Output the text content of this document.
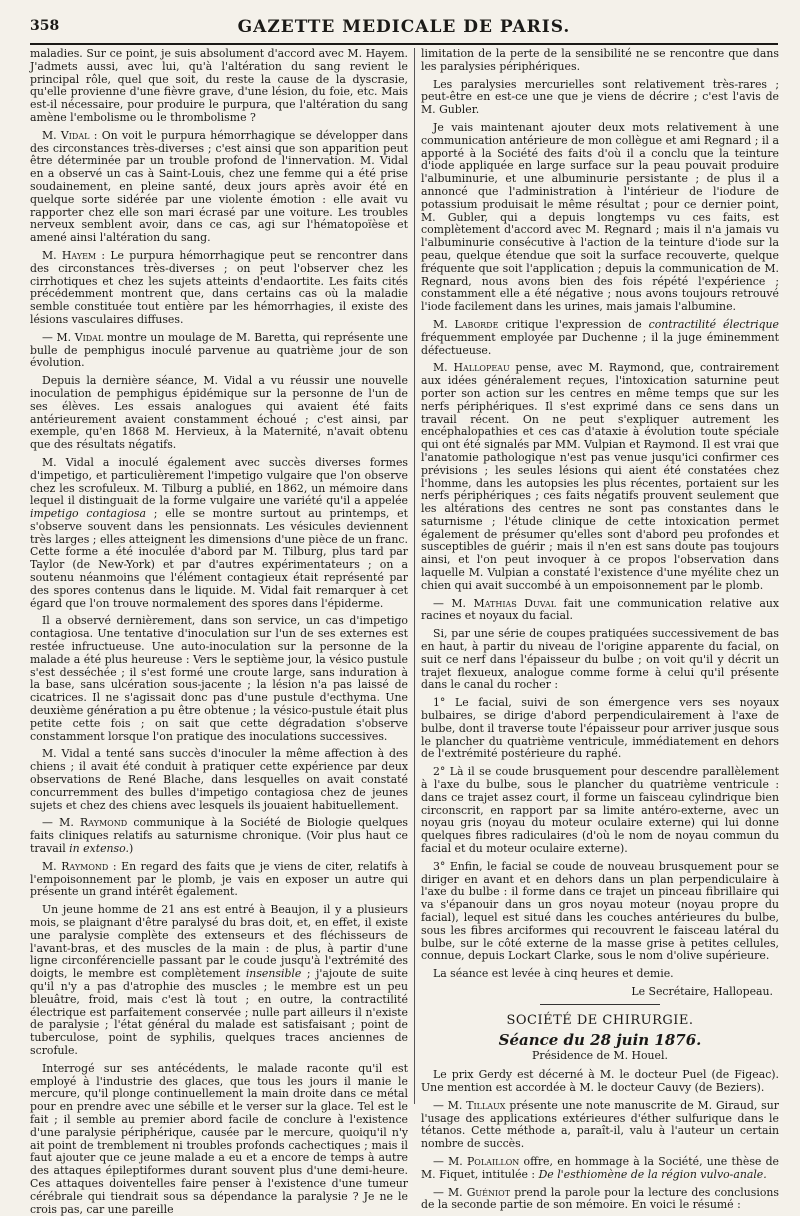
358	GAZETTE MEDICALE DE PARIS.

maladies. Sur ce point, je suis absolument d'accord avec M. Hayem. J'admets aussi, avec lui, qu'à l'altération du sang revient le principal rôle, quel que soit, du reste la cause de la dyscrasie, qu'elle provienne d'une fièvre grave, d'une lésion, du foie, etc. Mais est-il nécessaire, pour produire le purpura, que l'altération du sang amène l'embolisme ou le thrombolisme ?

M. Vidal : On voit le purpura hémorrhagique se développer dans des circonstances très-diverses ; c'est ainsi que son apparition peut être déterminée par un trouble profond de l'innervation. M. Vidal en a observé un cas à Saint-Louis, chez une femme qui a été prise soudainement, en pleine santé, deux jours après avoir été en quelque sorte sidérée par une violente émotion : elle avait vu rapporter chez elle son mari écrasé par une voiture. Les troubles nerveux semblent avoir, dans ce cas, agi sur l'hématopoïèse et amené ainsi l'altération du sang.

M. Hayem : Le purpura hémorrhagique peut se rencontrer dans des circonstances très-diverses ; on peut l'observer chez les cirrhotiques et chez les sujets atteints d'endaortite. Les faits cités précédemment montrent que, dans certains cas où la maladie semble constituée tout entière par les hémorrhagies, il existe des lésions vasculaires diffuses.

— M. Vidal montre un moulage de M. Baretta, qui représente une bulle de pemphigus inoculé parvenue au quatrième jour de son évolution.

Depuis la dernière séance, M. Vidal a vu réussir une nouvelle inoculation de pemphigus épidémique sur la personne de l'un de ses élèves. Les essais analogues qui avaient été faits antérieurement avaient constamment échoué ; c'est ainsi, par exemple, qu'en 1868 M. Hervieux, à la Maternité, n'avait obtenu que des résultats négatifs.

M. Vidal a inoculé également avec succès diverses formes d'impetigo, et particulièrement l'impetigo vulgaire que l'on observe chez les scrofuleux. M. Tilburg a publié, en 1862, un mémoire dans lequel il distinguait de la forme vulgaire une variété qu'il a appelée impetigo contagiosa ; elle se montre surtout au printemps, et s'observe souvent dans les pensionnats. Les vésicules deviennent très larges ; elles atteignent les dimensions d'une pièce de un franc. Cette forme a été inoculée d'abord par M. Tilburg, plus tard par Taylor (de New-York) et par d'autres expérimentateurs ; on a soutenu néanmoins que l'élément contagieux était représenté par des spores contenus dans le liquide. M. Vidal fait remarquer à cet égard que l'on trouve normalement des spores dans l'épiderme.

Il a observé dernièrement, dans son service, un cas d'impetigo contagiosa. Une tentative d'inoculation sur l'un de ses externes est restée infructueuse. Une auto-inoculation sur la personne de la malade a été plus heureuse : Vers le septième jour, la vésico pustule s'est desséchée ; il s'est formé une croute large, sans induration à la base, sans ulcération sous-jacente ; la lésion n'a pas laissé de cicatrices. Il ne s'agissait donc pas d'une pustule d'ecthyma. Une deuxième génération a pu être obtenue ; la vésico-pustule était plus petite cette fois ; on sait que cette dégradation s'observe constamment lorsque l'on pratique des inoculations successives.

M. Vidal a tenté sans succès d'inoculer la même affection à des chiens ; il avait été conduit à pratiquer cette expérience par deux observations de René Blache, dans lesquelles on avait constaté concurremment des bulles d'impetigo contagiosa chez de jeunes sujets et chez des chiens avec lesquels ils jouaient habituellement.

— M. Raymond communique à la Société de Biologie quelques faits cliniques relatifs au saturnisme chronique. (Voir plus haut ce travail in extenso.)

M. Raymond : En regard des faits que je viens de citer, relatifs à l'empoisonnement par le plomb, je vais en exposer un autre qui présente un grand intérêt également.

Un jeune homme de 21 ans est entré à Beaujon, il y a plusieurs mois, se plaignant d'être paralysé du bras doit, et, en effet, il existe une paralysie complète des extenseurs et des fléchisseurs de l'avant-bras, et des muscles de la main : de plus, à partir d'une ligne circonférencielle passant par le coude jusqu'à l'extrémité des doigts, le membre est complètement insensible ; j'ajoute de suite qu'il n'y a pas d'atrophie des muscles ; le membre est un peu bleuâtre, froid, mais c'est là tout ; en outre, la contractilité électrique est parfaitement conservée ; nulle part ailleurs il n'existe de paralysie ; l'état général du malade est satisfaisant ; point de tuberculose, point de syphilis, quelques traces anciennes de scrofule.

Interrogé sur ses antécédents, le malade raconte qu'il est employé à l'industrie des glaces, que tous les jours il manie le mercure, qu'il plonge continuellement la main droite dans ce métal pour en prendre avec une sébille et le verser sur la glace. Tel est le fait ; il semble au premier abord facile de conclure à l'existence d'une paralysie périphérique, causée par le mercure, quoiqu'il n'y ait point de tremblement ni troubles profonds cachectiques ; mais il faut ajouter que ce jeune malade a eu et a encore de temps à autre des attaques épileptiformes durant souvent plus d'une demi-heure. Ces attaques doiventelles faire penser à l'existence d'une tumeur cérébrale qui tiendrait sous sa dépendance la paralysie ? Je ne le crois pas, car une pareille

limitation de la perte de la sensibilité ne se rencontre que dans les paralysies périphériques.

Les paralysies mercurielles sont relativement très-rares ; peut-être en est-ce une que je viens de décrire ; c'est l'avis de M. Gubler.

Je vais maintenant ajouter deux mots relativement à une communication antérieure de mon collègue et ami Regnard ; il a apporté à la Société des faits d'où il a conclu que la teinture d'iode appliquée en large surface sur la peau pouvait produire l'albuminurie, et une albuminurie persistante ; de plus il a annoncé que l'administration à l'intérieur de l'iodure de potassium produisait le même résultat ; pour ce dernier point, M. Gubler, qui a depuis longtemps vu ces faits, est complètement d'accord avec M. Regnard ; mais il n'a jamais vu l'albuminurie consécutive à l'action de la teinture d'iode sur la peau, quelque étendue que soit la surface recouverte, quelque fréquente que soit l'application ; depuis la communication de M. Regnard, nous avons bien des fois répété l'expérience ; constamment elle a été négative ; nous avons toujours retrouvé l'iode facilement dans les urines, mais jamais l'albumine.

M. Laborde critique l'expression de contractilité électrique fréquemment employée par Duchenne ; il la juge éminemment défectueuse.

M. Hallopeau pense, avec M. Raymond, que, contrairement aux idées généralement reçues, l'intoxication saturnine peut porter son action sur les centres en même temps que sur les nerfs périphériques. Il s'est exprimé dans ce sens dans un travail récent. On ne peut s'expliquer autrement les encéphalopathies et ces cas d'ataxie à évolution toute spéciale qui ont été signalés par MM. Vulpian et Raymond. Il est vrai que l'anatomie pathologique n'est pas venue jusqu'ici confirmer ces prévisions ; les seules lésions qui aient été constatées chez l'homme, dans les autopsies les plus récentes, portaient sur les nerfs périphériques ; ces faits négatifs prouvent seulement que les altérations des centres ne sont pas constantes dans le saturnisme ; l'étude clinique de cette intoxication permet également de présumer qu'elles sont d'abord peu profondes et susceptibles de guérir ; mais il n'en est sans doute pas toujours ainsi, et l'on peut invoquer à ce propos l'observation dans laquelle M. Vulpian a constaté l'existence d'une myélite chez un chien qui avait succombé à un empoisonnement par le plomb.

— M. Mathias Duval fait une communication relative aux racines et noyaux du facial.

Si, par une série de coupes pratiquées successivement de bas en haut, à partir du niveau de l'origine apparente du facial, on suit ce nerf dans l'épaisseur du bulbe ; on voit qu'il y décrit un trajet flexueux, analogue comme forme à celui qu'il présente dans le canal du rocher :

1° Le facial, suivi de son émergence vers ses noyaux bulbaires, se dirige d'abord perpendiculairement à l'axe de bulbe, dont il traverse toute l'épaisseur pour arriver jusque sous le plancher du quatrième ventricule, immédiatement en dehors de l'extrémité postérieure du raphé.

2° Là il se coude brusquement pour descendre parallèlement à l'axe du bulbe, sous le plancher du quatrième ventricule : dans ce trajet assez court, il forme un faisceau cylindrique bien circonscrit, en rapport par sa limite antéro-externe, avec un noyau gris (noyau du moteur oculaire externe) qui lui donne quelques fibres radiculaires (d'où le nom de noyau commun du facial et du moteur oculaire externe).

3° Enfin, le facial se coude de nouveau brusquement pour se diriger en avant et en dehors dans un plan perpendiculaire à l'axe du bulbe : il forme dans ce trajet un pinceau fibrillaire qui va s'épanouir dans un gros noyau moteur (noyau propre du facial), lequel est situé dans les couches antérieures du bulbe, sous les fibres arciformes qui recouvrent le faisceau latéral du bulbe, sur le côté externe de la masse grise à petites cellules, connue, depuis Lockart Clarke, sous le nom d'olive supérieure.

La séance est levée à cinq heures et demie.

Le Secrétaire, Hallopeau.

SOCIÉTÉ DE CHIRURGIE.

Séance du 28 juin 1876.

Présidence de M. Houel.

Le prix Gerdy est décerné à M. le docteur Puel (de Figeac). Une mention est accordée à M. le docteur Cauvy (de Beziers).

— M. Tillaux présente une note manuscrite de M. Giraud, sur l'usage des applications extérieures d'éther sulfurique dans le tétanos. Cette méthode a, paraît-il, valu à l'auteur un certain nombre de succès.

— M. Polaillon offre, en hommage à la Société, une thèse de M. Fiquet, intitulée : De l'esthiomène de la région vulvo-anale.

— M. Guéniot prend la parole pour la lecture des conclusions de la seconde partie de son mémoire. En voici le résumé :
